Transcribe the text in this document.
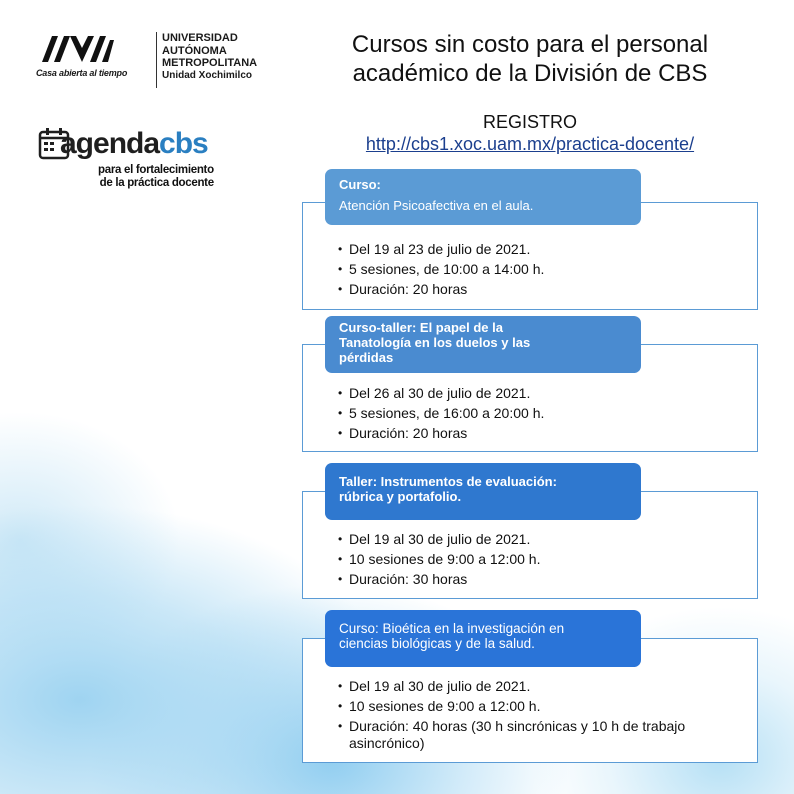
Casa abierta al tiempo
UNIVERSIDAD
AUTÓNOMA
METROPOLITANA
Unidad Xochimilco
agendacbs
para el fortalecimiento
de la práctica docente
Cursos sin costo para el personal
académico de la División de CBS
REGISTRO
http://cbs1.xoc.uam.mx/practica-docente/
Curso:
Atención Psicoafectiva en el aula.
• Del 19 al 23 de julio de 2021.
• 5 sesiones, de 10:00 a 14:00 h.
• Duración: 20 horas
Curso-taller: El papel de la
Tanatología en los duelos y las
pérdidas
• Del 26 al 30 de julio de 2021.
• 5 sesiones, de 16:00 a 20:00 h.
• Duración: 20 horas
Taller: Instrumentos de evaluación:
rúbrica y portafolio.
• Del 19 al 30 de julio de 2021.
• 10 sesiones de 9:00 a 12:00 h.
• Duración: 30 horas
Curso: Bioética en la investigación en
ciencias biológicas y de la salud.
• Del 19 al 30 de julio de 2021.
• 10 sesiones de 9:00 a 12:00 h.
• Duración: 40 horas (30 h sincrónicas y 10 h de trabajo asincrónico)
